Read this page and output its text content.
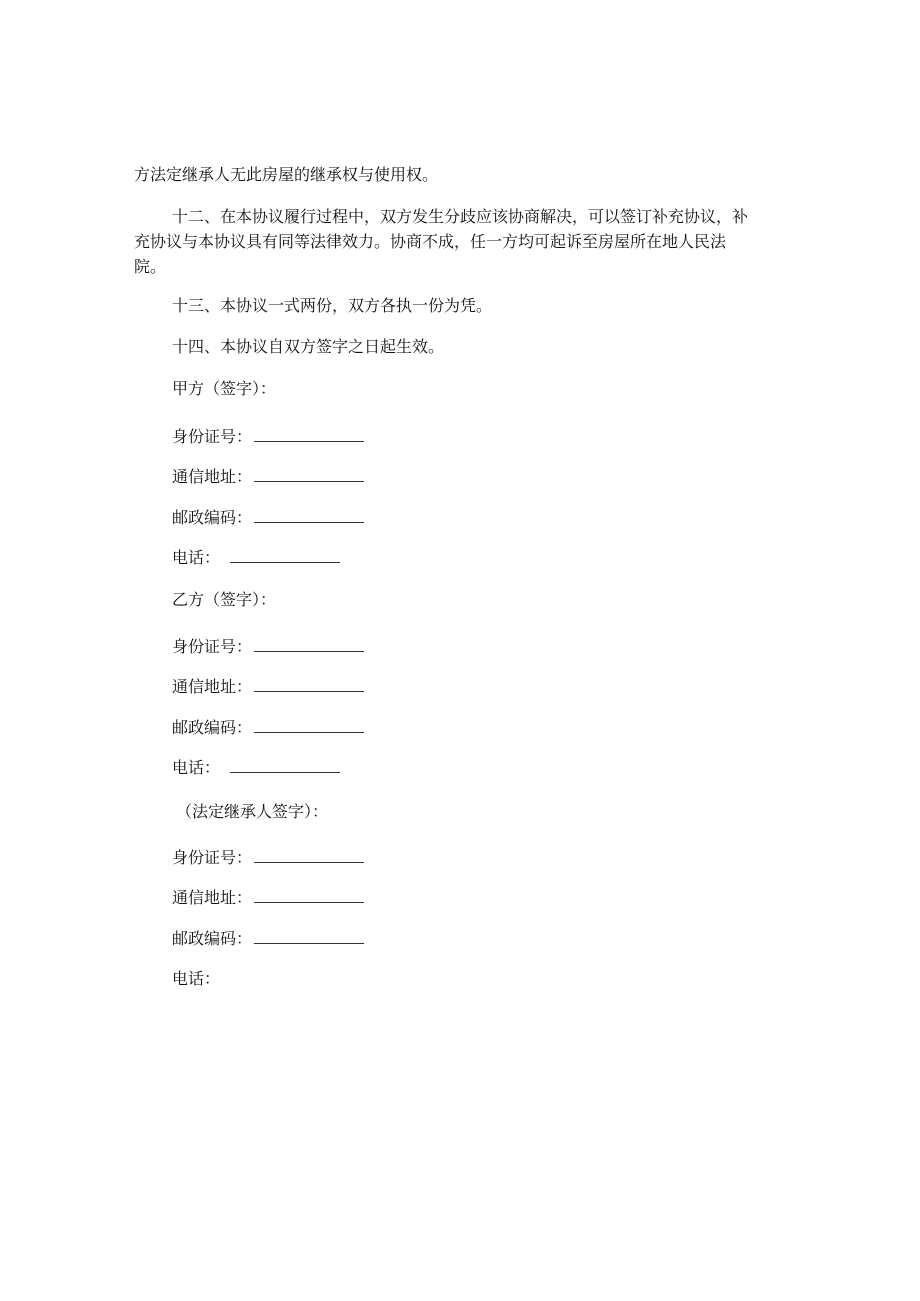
方法定继承人无此房屋的继承权与使用权。
十二、在本协议履行过程中，双方发生分歧应该协商解决，可以签订补充协议，补
充协议与本协议具有同等法律效力。协商不成，任一方均可起诉至房屋所在地人民法
院。
十三、本协议一式两份，双方各执一份为凭。
十四、本协议自双方签字之日起生效。
甲方（签字）：
身份证号：
通信地址：
邮政编码：
电话：
乙方（签字）：
身份证号：
通信地址：
邮政编码：
电话：
（法定继承人签字）：
身份证号：
通信地址：
邮政编码：
电话：
